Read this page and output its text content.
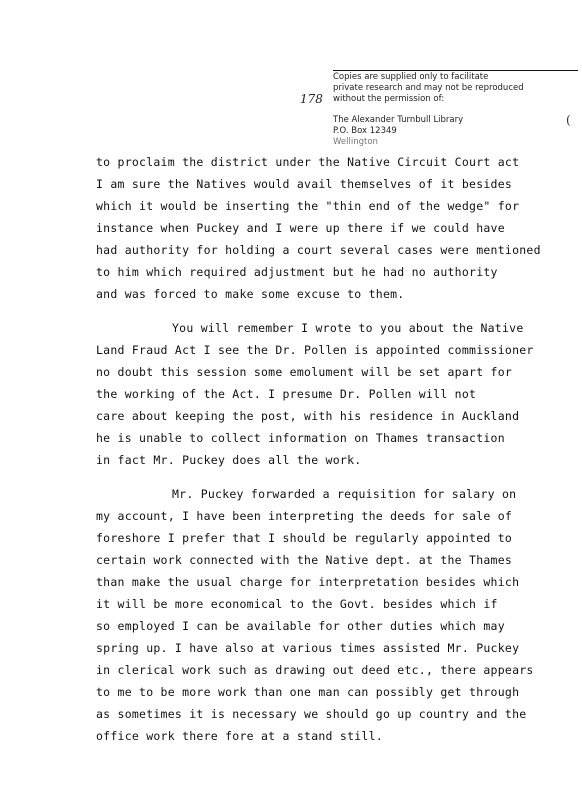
Copies are supplied only to facilitate
private research and may not be reproduced
without the permission of:
The Alexander Turnbull Library
P.O. Box 12349
Wellington
178
(
to proclaim the district under the Native Circuit Court act
I am sure the Natives would avail themselves of it besides
which it would be inserting the "thin end of the wedge" for
instance when Puckey and I were up there if we could have
had authority for holding a court several cases were mentioned
to him which required adjustment but he had no authority
and was forced to make some excuse to them.
You will remember I wrote to you about the Native
Land Fraud Act I see the Dr. Pollen is appointed commissioner
no doubt this session some emolument will be set apart for
the working of the Act. I presume Dr. Pollen will not
care about keeping the post, with his residence in Auckland
he is unable to collect information on Thames transaction
in fact Mr. Puckey does all the work.
Mr. Puckey forwarded a requisition for salary on
my account, I have been interpreting the deeds for sale of
foreshore I prefer that I should be regularly appointed to
certain work connected with the Native dept. at the Thames
than make the usual charge for interpretation besides which
it will be more economical to the Govt. besides which if
so employed I can be available for other duties which may
spring up. I have also at various times assisted Mr. Puckey
in clerical work such as drawing out deed etc., there appears
to me to be more work than one man can possibly get through
as sometimes it is necessary we should go up country and the
office work there fore at a stand still.
